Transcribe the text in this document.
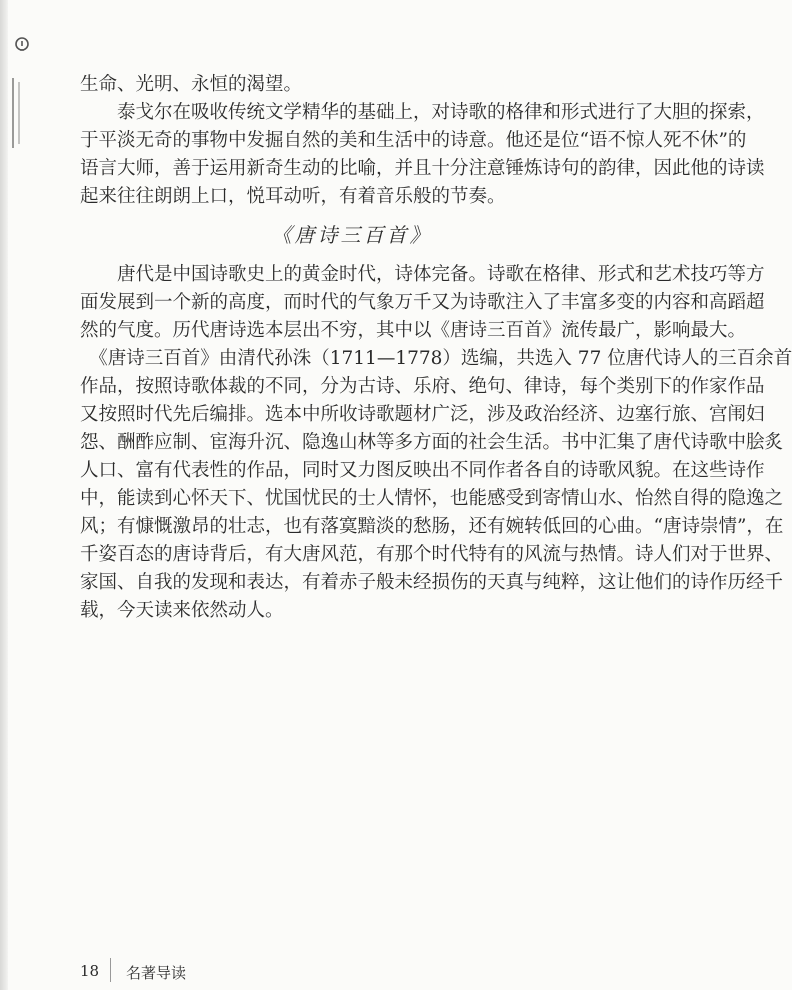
生命、光明、永恒的渴望。
　　泰戈尔在吸收传统文学精华的基础上，对诗歌的格律和形式进行了大胆的探索，
于平淡无奇的事物中发掘自然的美和生活中的诗意。他还是位“语不惊人死不休”的
语言大师，善于运用新奇生动的比喻，并且十分注意锤炼诗句的韵律，因此他的诗读
起来往往朗朗上口，悦耳动听，有着音乐般的节奏。
《唐诗三百首》
　　唐代是中国诗歌史上的黄金时代，诗体完备。诗歌在格律、形式和艺术技巧等方
面发展到一个新的高度，而时代的气象万千又为诗歌注入了丰富多变的内容和高蹈超
然的气度。历代唐诗选本层出不穷，其中以《唐诗三百首》流传最广，影响最大。
　《唐诗三百首》由清代孙洙（1711—1778）选编，共选入 77 位唐代诗人的三百余首
作品，按照诗歌体裁的不同，分为古诗、乐府、绝句、律诗，每个类别下的作家作品
又按照时代先后编排。选本中所收诗歌题材广泛，涉及政治经济、边塞行旅、宫闱妇
怨、酬酢应制、宦海升沉、隐逸山林等多方面的社会生活。书中汇集了唐代诗歌中脍炙
人口、富有代表性的作品，同时又力图反映出不同作者各自的诗歌风貌。在这些诗作
中，能读到心怀天下、忧国忧民的士人情怀，也能感受到寄情山水、怡然自得的隐逸之
风；有慷慨激昂的壮志，也有落寞黯淡的愁肠，还有婉转低回的心曲。“唐诗崇情”，在
千姿百态的唐诗背后，有大唐风范，有那个时代特有的风流与热情。诗人们对于世界、
家国、自我的发现和表达，有着赤子般未经损伤的天真与纯粹，这让他们的诗作历经千
载，今天读来依然动人。
18 名著导读
